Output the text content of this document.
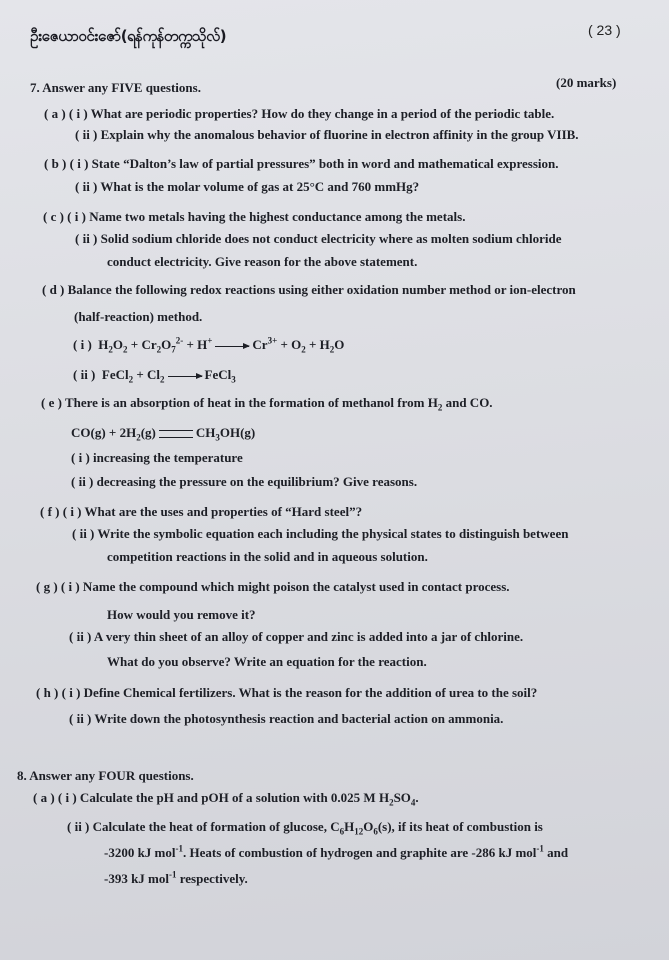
ဦးဇေယာဝင်းဇော်(ရန်ကုန်တက္ကသိုလ်)	( 23 )
7. Answer any FIVE questions.	(20 marks)
( a ) ( i ) What are periodic properties? How do they change in a period of the periodic table.
( ii ) Explain why the anomalous behavior of fluorine in electron affinity in the group VIIB.
( b ) ( i ) State “Dalton’s law of partial pressures” both in word and mathematical expression.
( ii ) What is the molar volume of gas at 25°C and 760 mmHg?
( c ) ( i ) Name two metals having the highest conductance among the metals.
( ii ) Solid sodium chloride does not conduct electricity where as molten sodium chloride
conduct electricity. Give reason for the above statement.
( d ) Balance the following redox reactions using either oxidation number method or ion-electron
(half-reaction) method.
( i )  $H_2O_2 + Cr_2O_7^{2-} + H^+ \to Cr^{3+} + O_2 + H_2O$
( ii )  FeCl$_2$ + $Cl_2$ → FeCl$_3$
( e ) There is an absorption of heat in the formation of methanol from $H_2$ and CO.
$CO(g) + 2H_2(g)$	$CH_3OH(g)$
( i ) increasing the temperature
( ii ) decreasing the pressure on the equilibrium? Give reasons.
( f ) ( i ) What are the uses and properties of “Hard steel”?
( ii ) Write the symbolic equation each including the physical states to distinguish between
competition reactions in the solid and in aqueous solution.
( g ) ( i ) Name the compound which might poison the catalyst used in contact process.
How would you remove it?
( ii ) A very thin sheet of an alloy of copper and zinc is added into a jar of chlorine.
What do you observe? Write an equation for the reaction.
( h ) ( i ) Define Chemical fertilizers. What is the reason for the addition of urea to the soil?
( ii ) Write down the photosynthesis reaction and bacterial action on ammonia.
8. Answer any FOUR questions.
( a ) ( i ) Calculate the pH and pOH of a solution with 0.025 M $H_2SO_4$.
( ii ) Calculate the heat of formation of glucose, $C_6H_{12}O_6(s)$, if its heat of combustion is
-3200 kJ mol$^{-1}$. Heats of combustion of hydrogen and graphite are -286 kJ mol$^{-1}$ and
-393 kJ mol$^{-1}$ respectively.
